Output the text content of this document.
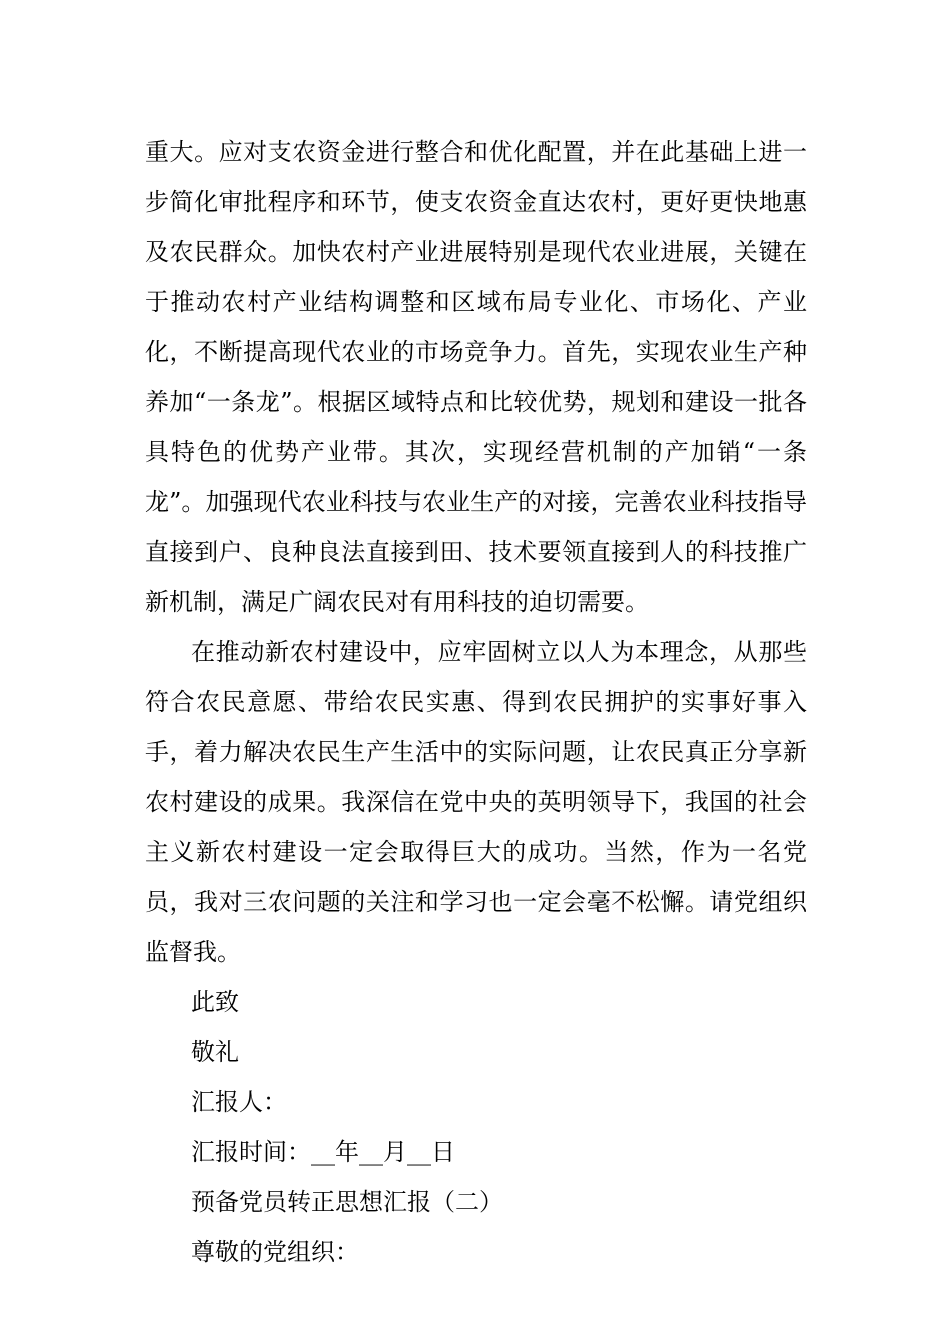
重大。应对支农资金进行整合和优化配置，并在此基础上进一步简化审批程序和环节，使支农资金直达农村，更好更快地惠及农民群众。加快农村产业进展特别是现代农业进展，关键在于推动农村产业结构调整和区域布局专业化、市场化、产业化，不断提高现代农业的市场竞争力。首先，实现农业生产种养加“一条龙”。根据区域特点和比较优势，规划和建设一批各具特色的优势产业带。其次，实现经营机制的产加销“一条龙”。加强现代农业科技与农业生产的对接，完善农业科技指导直接到户、良种良法直接到田、技术要领直接到人的科技推广新机制，满足广阔农民对有用科技的迫切需要。

在推动新农村建设中，应牢固树立以人为本理念，从那些符合农民意愿、带给农民实惠、得到农民拥护的实事好事入手，着力解决农民生产生活中的实际问题，让农民真正分享新农村建设的成果。我深信在党中央的英明领导下，我国的社会主义新农村建设一定会取得巨大的成功。当然，作为一名党员，我对三农问题的关注和学习也一定会毫不松懈。请党组织监督我。

此致

敬礼

汇报人：

汇报时间：__年__月__日

预备党员转正思想汇报（二）

尊敬的党组织：
